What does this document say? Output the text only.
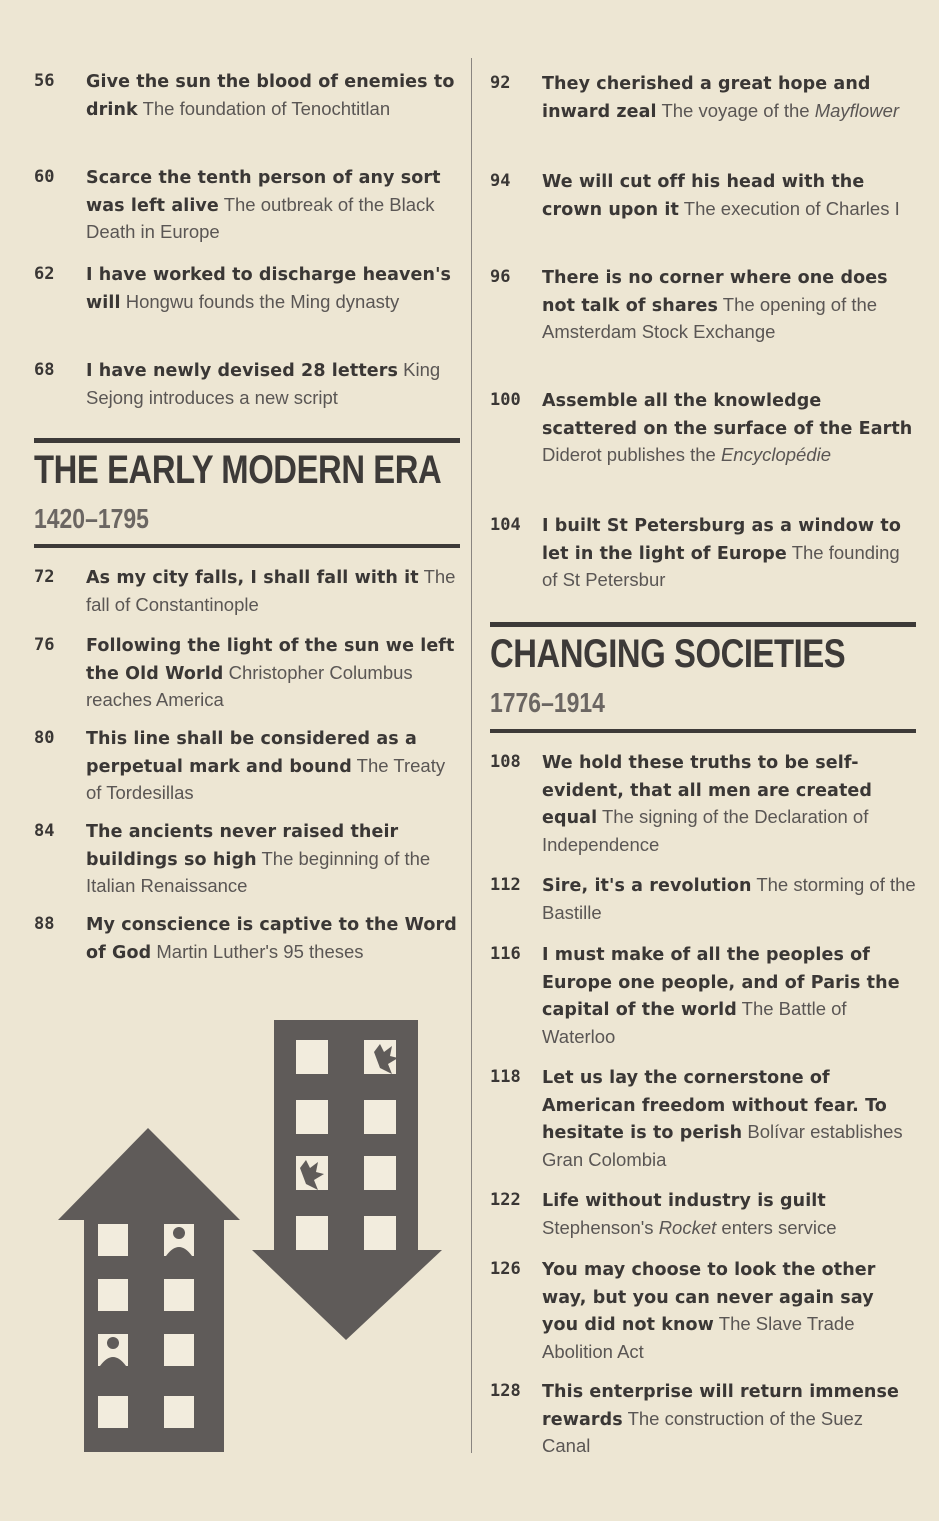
56 Give the sun the blood of enemies to drink The foundation of Tenochtitlan
60 Scarce the tenth person of any sort was left alive The outbreak of the Black Death in Europe
62 I have worked to discharge heaven's will Hongwu founds the Ming dynasty
68 I have newly devised 28 letters King Sejong introduces a new script
THE EARLY MODERN ERA
1420–1795
72 As my city falls, I shall fall with it The fall of Constantinople
76 Following the light of the sun we left the Old World Christopher Columbus reaches America
80 This line shall be considered as a perpetual mark and bound The Treaty of Tordesillas
84 The ancients never raised their buildings so high The beginning of the Italian Renaissance
88 My conscience is captive to the Word of God Martin Luther's 95 theses
92 They cherished a great hope and inward zeal The voyage of the Mayflower
94 We will cut off his head with the crown upon it The execution of Charles I
96 There is no corner where one does not talk of shares The opening of the Amsterdam Stock Exchange
100 Assemble all the knowledge scattered on the surface of the Earth Diderot publishes the Encyclopédie
104 I built St Petersburg as a window to let in the light of Europe The founding of St Petersbur
CHANGING SOCIETIES
1776–1914
108 We hold these truths to be self-evident, that all men are created equal The signing of the Declaration of Independence
112 Sire, it's a revolution The storming of the Bastille
116 I must make of all the peoples of Europe one people, and of Paris the capital of the world The Battle of Waterloo
118 Let us lay the cornerstone of American freedom without fear. To hesitate is to perish Bolívar establishes Gran Colombia
122 Life without industry is guilt Stephenson's Rocket enters service
126 You may choose to look the other way, but you can never again say you did not know The Slave Trade Abolition Act
128 This enterprise will return immense rewards The construction of the Suez Canal
